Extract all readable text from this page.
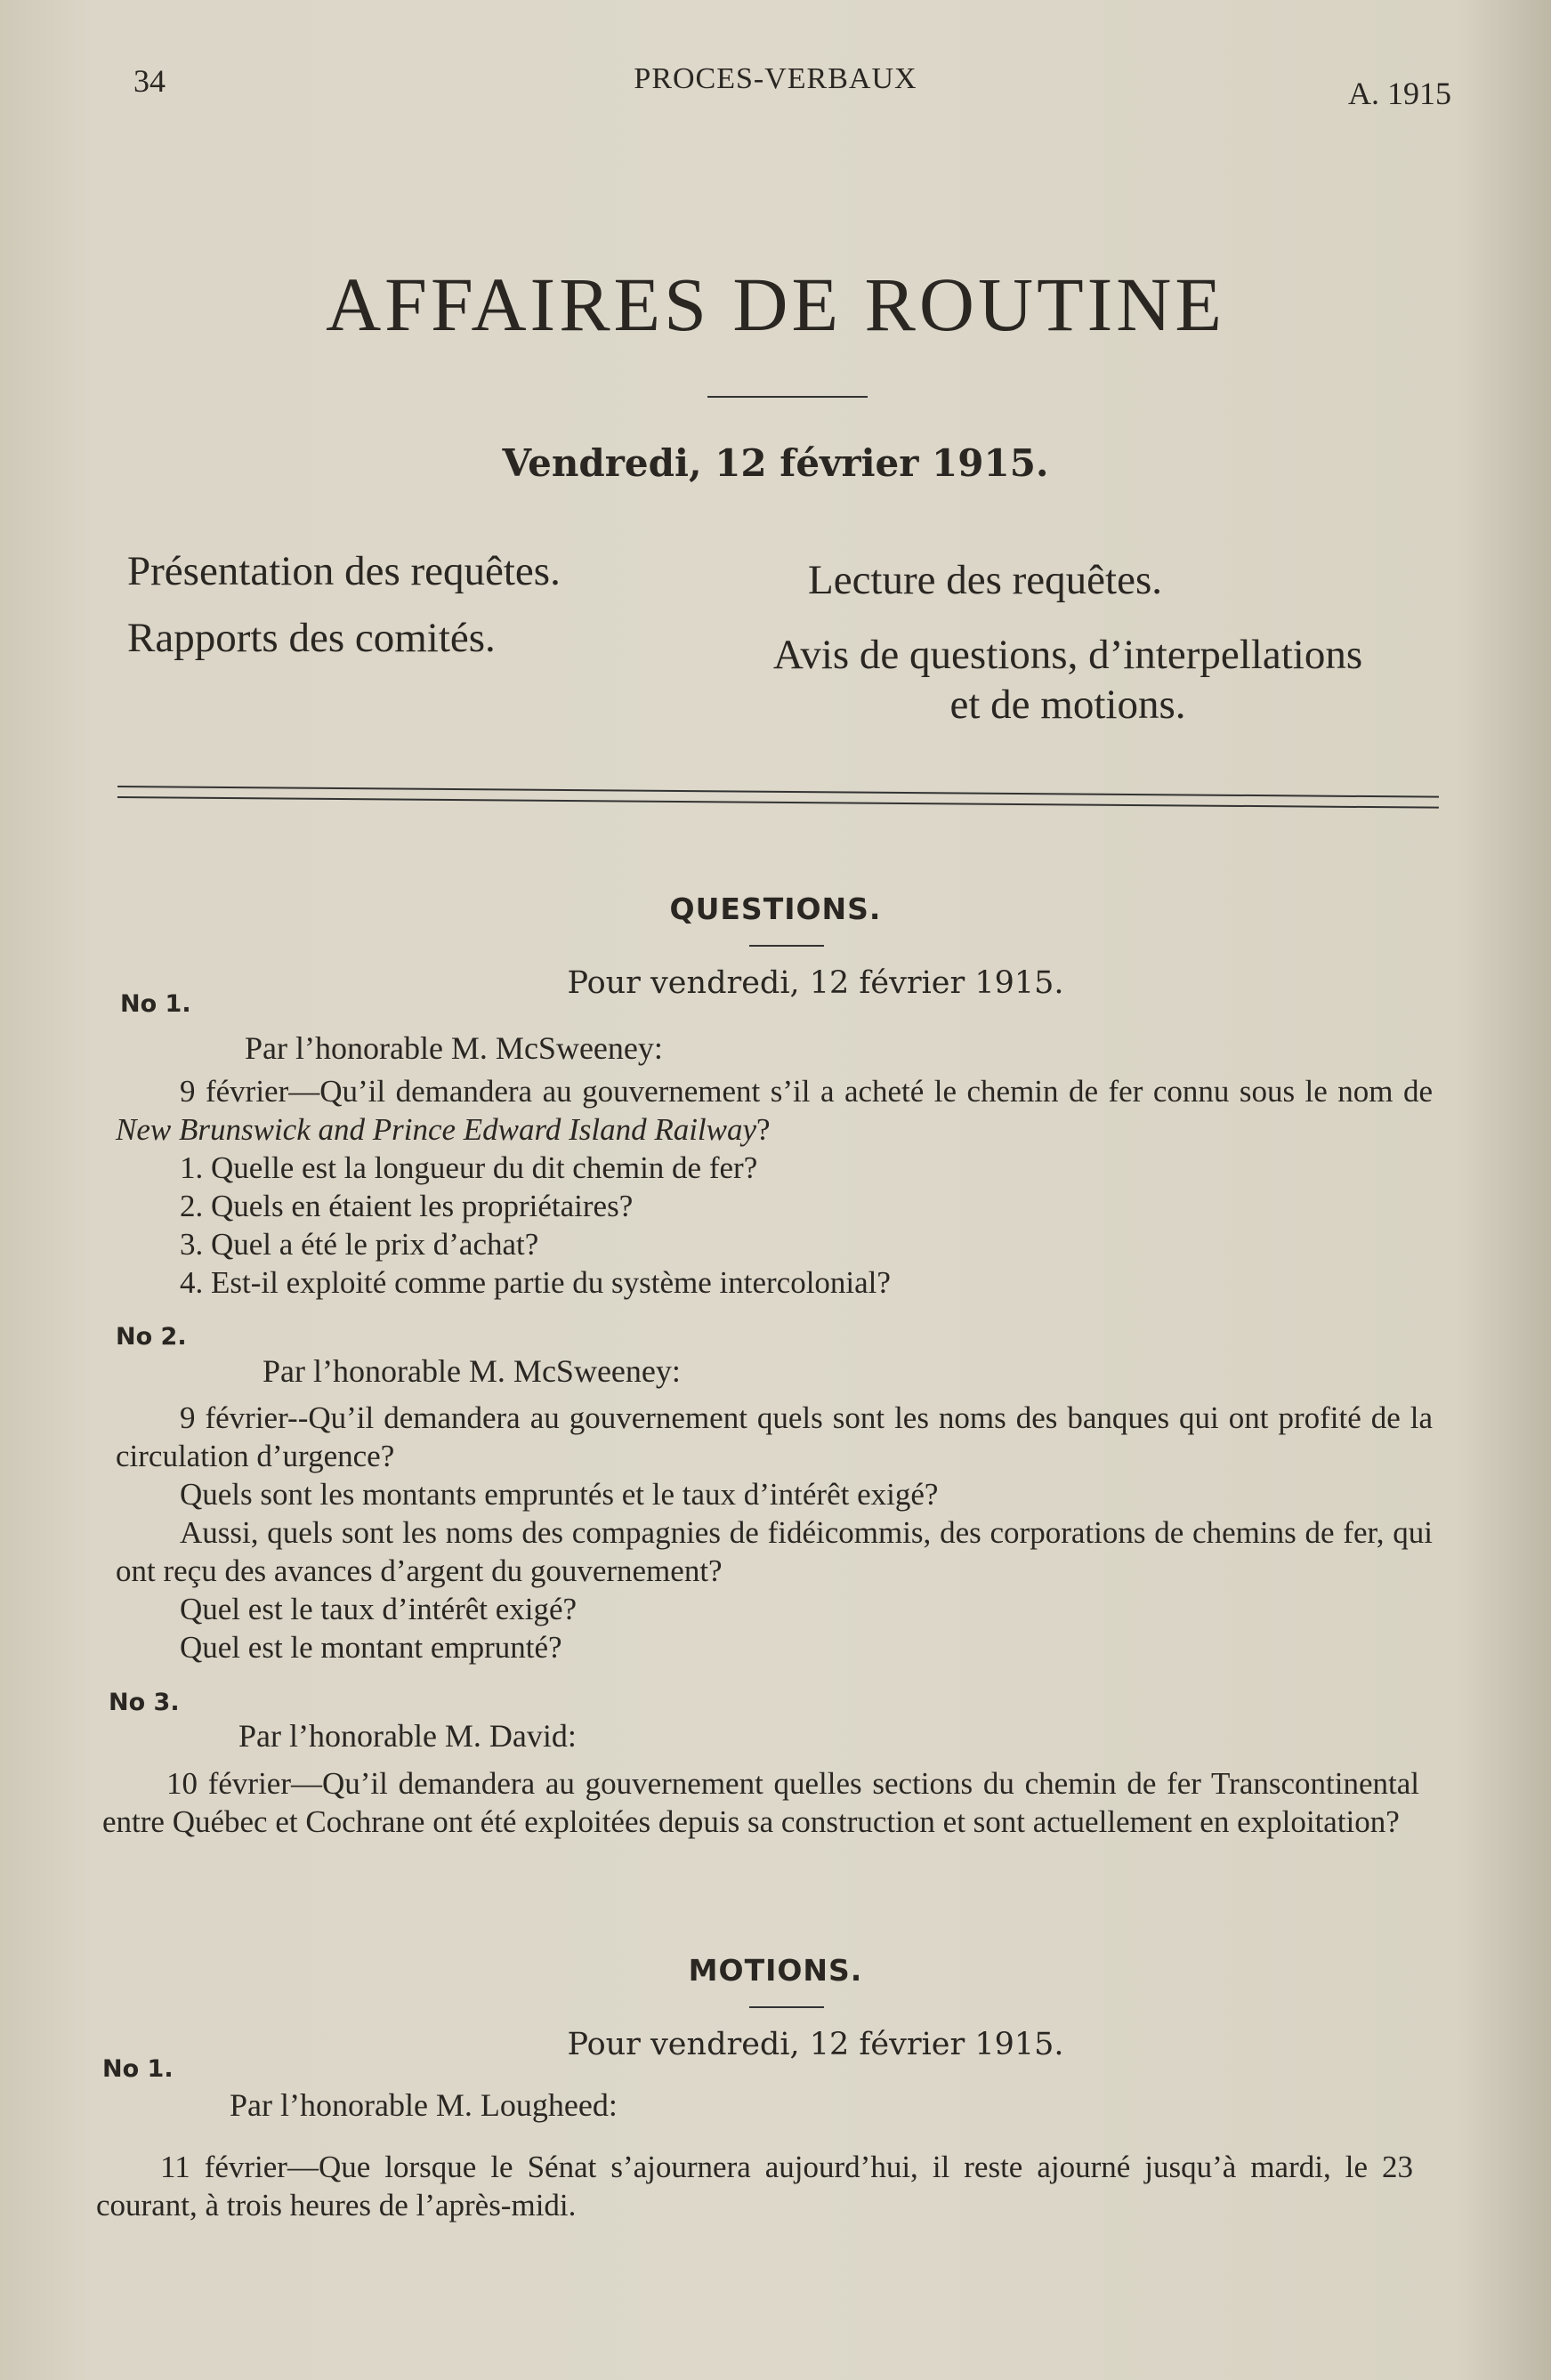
34	PROCES-VERBAUX	A. 1915
AFFAIRES DE ROUTINE
Vendredi, 12 février 1915.
Présentation des requêtes.
Rapports des comités.
Lecture des requêtes.
Avis de questions, d’interpellations
et de motions.
QUESTIONS.
Pour vendredi, 12 février 1915.
No 1.
Par l’honorable M. McSweeney:

9 février—Qu’il demandera au gouvernement s’il a acheté le chemin de fer connu sous le nom de New Brunswick and Prince Edward Island Railway?

1. Quelle est la longueur du dit chemin de fer?

2. Quels en étaient les propriétaires?

3. Quel a été le prix d’achat?

4. Est-il exploité comme partie du système intercolonial?

No 2.
Par l’honorable M. McSweeney:

9 février--Qu’il demandera au gouvernement quels sont les noms des banques qui ont profité de la circulation d’urgence?

Quels sont les montants empruntés et le taux d’intérêt exigé?

Aussi, quels sont les noms des compagnies de fidéicommis, des corporations de chemins de fer, qui ont reçu des avances d’argent du gouvernement?

Quel est le taux d’intérêt exigé?

Quel est le montant emprunté?

No 3.
Par l’honorable M. David:

10 février—Qu’il demandera au gouvernement quelles sections du chemin de fer Transcontinental entre Québec et Cochrane ont été exploitées depuis sa construction et sont actuellement en exploitation?

MOTIONS.
Pour vendredi, 12 février 1915.
No 1.
Par l’honorable M. Lougheed:

11 février—Que lorsque le Sénat s’ajournera aujourd’hui, il reste ajourné jusqu’à mardi, le 23 courant, à trois heures de l’après-midi.
